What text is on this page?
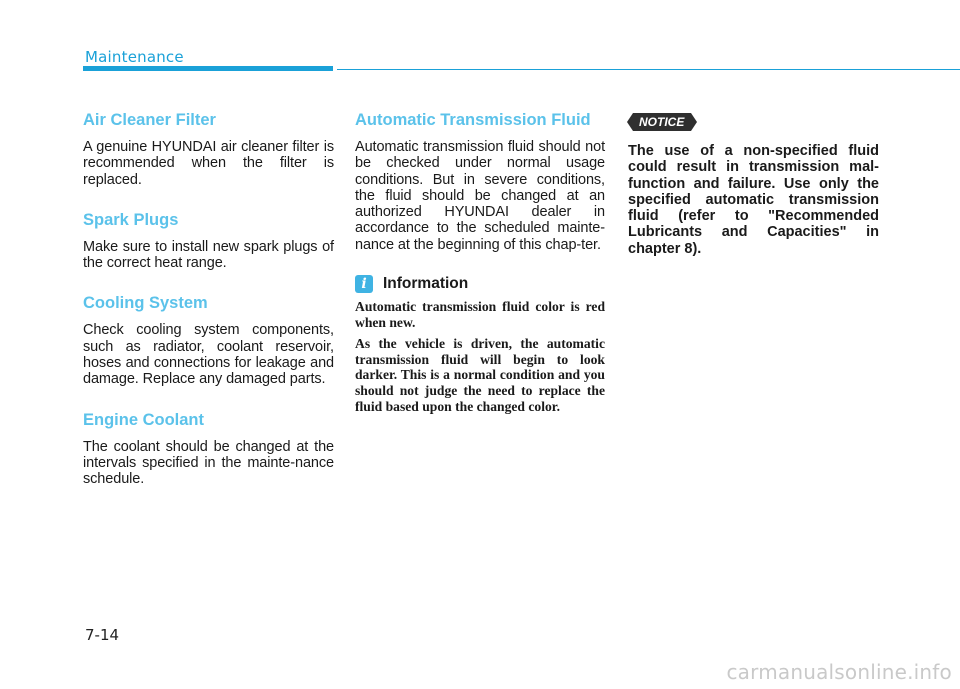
Maintenance
Air Cleaner Filter

A genuine HYUNDAI air cleaner filter is recommended when the filter is replaced.

Spark Plugs

Make sure to install new spark plugs of the correct heat range.

Cooling System

Check cooling system components, such as radiator, coolant reservoir, hoses and connections for leakage and damage. Replace any damaged parts.

Engine Coolant

The coolant should be changed at the intervals specified in the mainte-nance schedule.

Automatic Transmission Fluid

Automatic transmission fluid should not be checked under normal usage conditions. But in severe conditions, the fluid should be changed at an authorized HYUNDAI dealer in accordance to the scheduled mainte-nance at the beginning of this chap-ter.

i	Information

Automatic transmission fluid color is red when new.

As the vehicle is driven, the automatic transmission fluid will begin to look darker. This is a normal condition and you should not judge the need to replace the fluid based upon the changed color.

NOTICE

The use of a non-specified fluid could result in transmission mal-function and failure. Use only the specified automatic transmission fluid (refer to "Recommended Lubricants and Capacities" in chapter 8).

7-14
carmanualsonline.info
